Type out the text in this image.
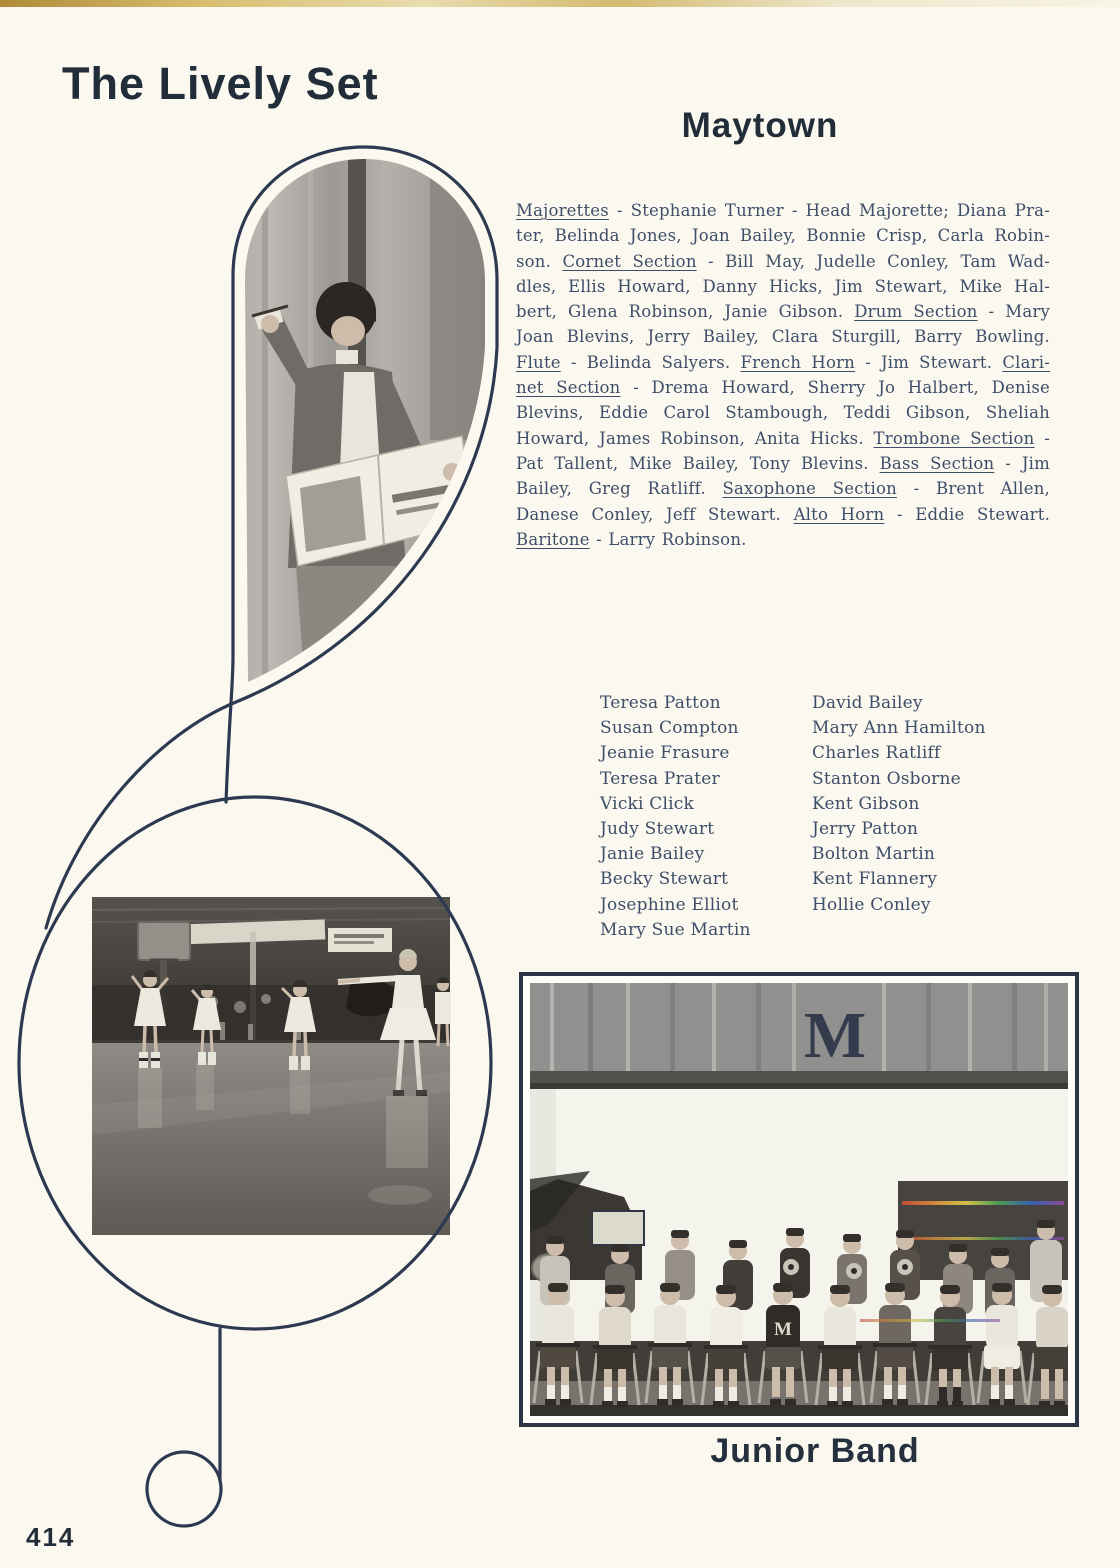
The Lively Set
Maytown
Majorettes - Stephanie Turner - Head Majorette; Diana Pra-
ter, Belinda Jones, Joan Bailey, Bonnie Crisp, Carla Robin-
son. Cornet Section - Bill May, Judelle Conley, Tam Wad-
dles, Ellis Howard, Danny Hicks, Jim Stewart, Mike Hal-
bert, Glena Robinson, Janie Gibson. Drum Section - Mary
Joan Blevins, Jerry Bailey, Clara Sturgill, Barry Bowling.
Flute - Belinda Salyers. French Horn - Jim Stewart. Clari-
net Section - Drema Howard, Sherry Jo Halbert, Denise
Blevins, Eddie Carol Stambough, Teddi Gibson, Sheliah
Howard, James Robinson, Anita Hicks. Trombone Section -
Pat Tallent, Mike Bailey, Tony Blevins. Bass Section - Jim
Bailey, Greg Ratliff. Saxophone Section - Brent Allen,
Danese Conley, Jeff Stewart. Alto Horn - Eddie Stewart.
Baritone - Larry Robinson.
Teresa Patton
Susan Compton
Jeanie Frasure
Teresa Prater
Vicki Click
Judy Stewart
Janie Bailey
Becky Stewart
Josephine Elliot
Mary Sue Martin
David Bailey
Mary Ann Hamilton
Charles Ratliff
Stanton Osborne
Kent Gibson
Jerry Patton
Bolton Martin
Kent Flannery
Hollie Conley
M
M
Junior Band
414
